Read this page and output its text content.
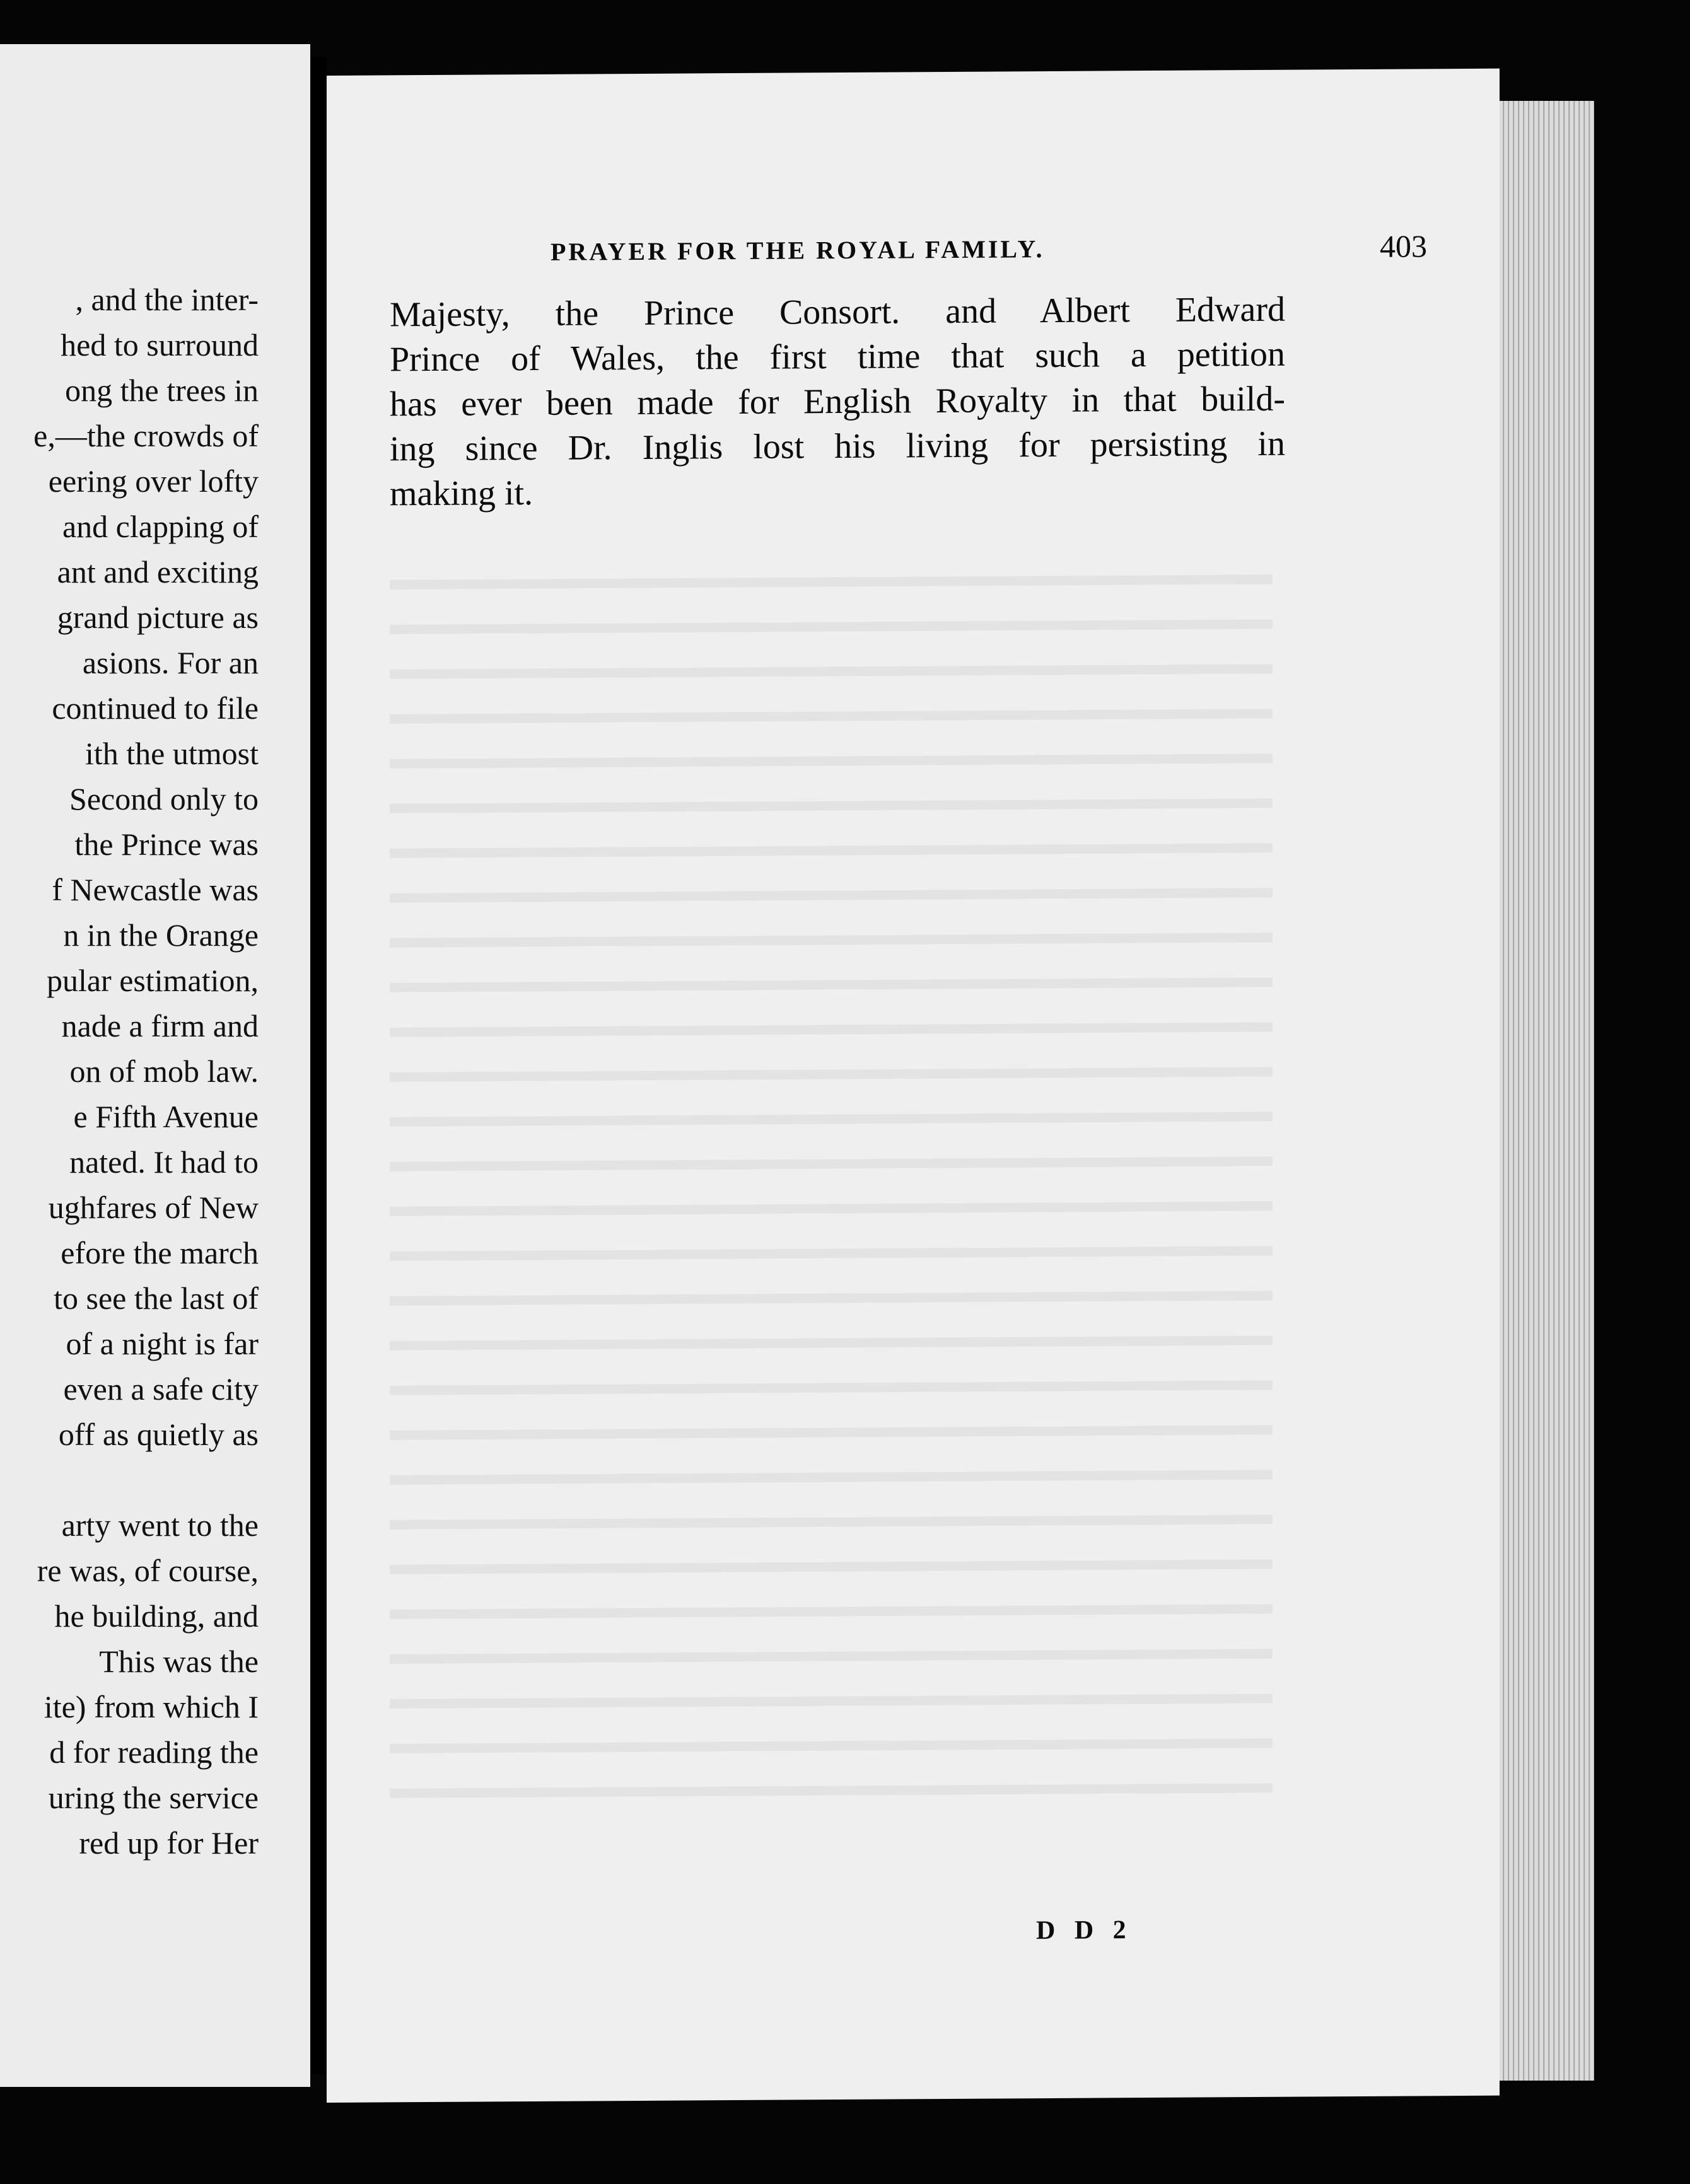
, and the inter-
hed to surround
ong the trees in
e,—the crowds of
eering over lofty
and clapping of
ant and exciting
grand picture as
asions. For an
continued to file
ith the utmost
Second only to
the Prince was
f Newcastle was
n in the Orange
pular estimation,
nade a firm and
on of mob law.
e Fifth Avenue
nated. It had to
ughfares of New
efore the march
to see the last of
of a night is far
even a safe city
off as quietly as
arty went to the
re was, of course,
he building, and
This was the
ite) from which I
d for reading the
uring the service
red up for Her
PRAYER FOR THE ROYAL FAMILY.	403
Majesty, the Prince Consort. and Albert Edward
Prince of Wales, the first time that such a petition
has ever been made for English Royalty in that build-
ing since Dr. Inglis lost his living for persisting in
making it.
D D 2
